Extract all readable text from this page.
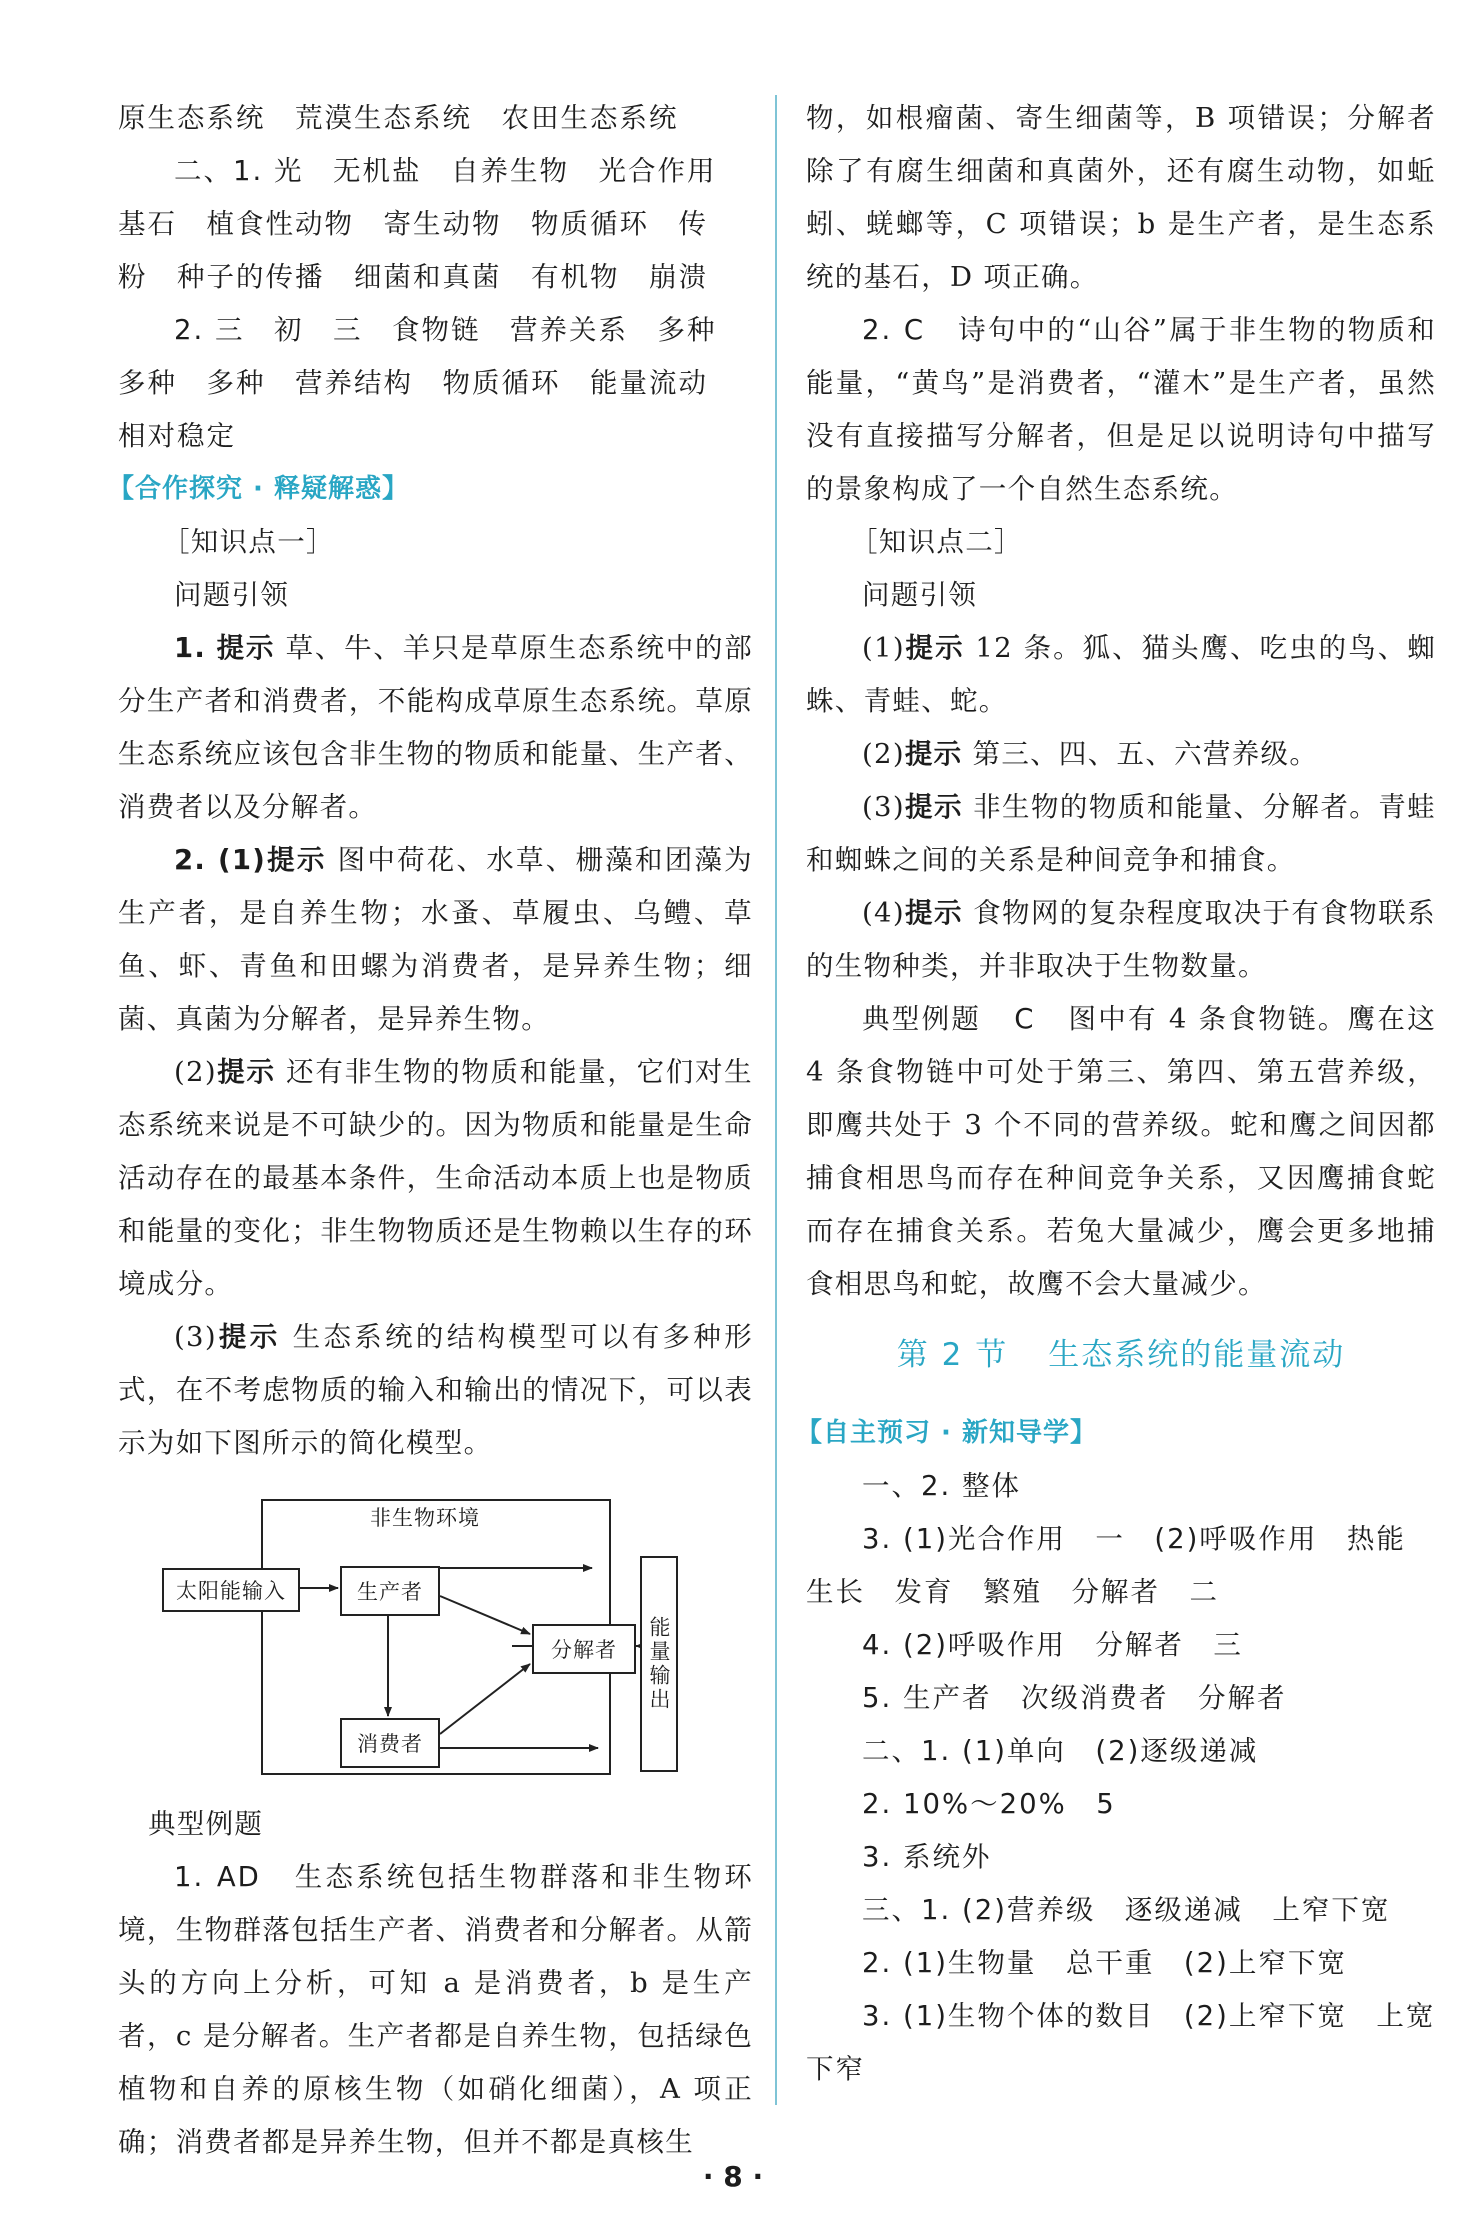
原生态系统　荒漠生态系统　农田生态系统

二、1. 光　无机盐　自养生物　光合作用

基石　植食性动物　寄生动物　物质循环　传

粉　种子的传播　细菌和真菌　有机物　崩溃

2. 三　初　三　食物链　营养关系　多种

多种　多种　营养结构　物质循环　能量流动

相对稳定

【合作探究 · 释疑解惑】

［知识点一］

问题引领

1. 提示 草、牛、羊只是草原生态系统中的部分生产者和消费者，不能构成草原生态系统。草原生态系统应该包含非生物的物质和能量、生产者、消费者以及分解者。

2. (1)提示 图中荷花、水草、栅藻和团藻为生产者，是自养生物；水蚤、草履虫、乌鳢、草鱼、虾、青鱼和田螺为消费者，是异养生物；细菌、真菌为分解者，是异养生物。

(2)提示 还有非生物的物质和能量，它们对生态系统来说是不可缺少的。因为物质和能量是生命活动存在的最基本条件，生命活动本质上也是物质和能量的变化；非生物物质还是生物赖以生存的环境成分。

(3)提示 生态系统的结构模型可以有多种形式，在不考虑物质的输入和输出的情况下，可以表示为如下图所示的简化模型。

非生物环境
太阳能输入	生产者
分解者
消费者
能量输出

典型例题

1. AD 生态系统包括生物群落和非生物环境，生物群落包括生产者、消费者和分解者。从箭头的方向上分析，可知 a 是消费者，b 是生产者，c 是分解者。生产者都是自养生物，包括绿色植物和自养的原核生物（如硝化细菌），A 项正确；消费者都是异养生物，但并不都是真核生

物，如根瘤菌、寄生细菌等，B 项错误；分解者除了有腐生细菌和真菌外，还有腐生动物，如蚯蚓、蜣螂等，C 项错误；b 是生产者，是生态系统的基石，D 项正确。

2. C 诗句中的“山谷”属于非生物的物质和能量，“黄鸟”是消费者，“灌木”是生产者，虽然没有直接描写分解者，但是足以说明诗句中描写的景象构成了一个自然生态系统。

［知识点二］

问题引领

(1)提示 12 条。狐、猫头鹰、吃虫的鸟、蜘蛛、青蛙、蛇。

(2)提示 第三、四、五、六营养级。

(3)提示 非生物的物质和能量、分解者。青蛙和蜘蛛之间的关系是种间竞争和捕食。

(4)提示 食物网的复杂程度取决于有食物联系的生物种类，并非取决于生物数量。

典型例题 C 图中有 4 条食物链。鹰在这 4 条食物链中可处于第三、第四、第五营养级，即鹰共处于 3 个不同的营养级。蛇和鹰之间因都捕食相思鸟而存在种间竞争关系，又因鹰捕食蛇而存在捕食关系。若兔大量减少，鹰会更多地捕食相思鸟和蛇，故鹰不会大量减少。

第 2 节 生态系统的能量流动
【自主预习 · 新知导学】

一、2. 整体

3. (1)光合作用　一　(2)呼吸作用　热能

生长　发育　繁殖　分解者　二

4. (2)呼吸作用　分解者　三

5. 生产者　次级消费者　分解者

二、1. (1)单向　(2)逐级递减

2. 10%～20%　5

3. 系统外

三、1. (2)营养级　逐级递减　上窄下宽

2. (1)生物量　总干重　(2)上窄下宽

3. (1)生物个体的数目　(2)上窄下宽　上宽

下窄

· 8 ·
